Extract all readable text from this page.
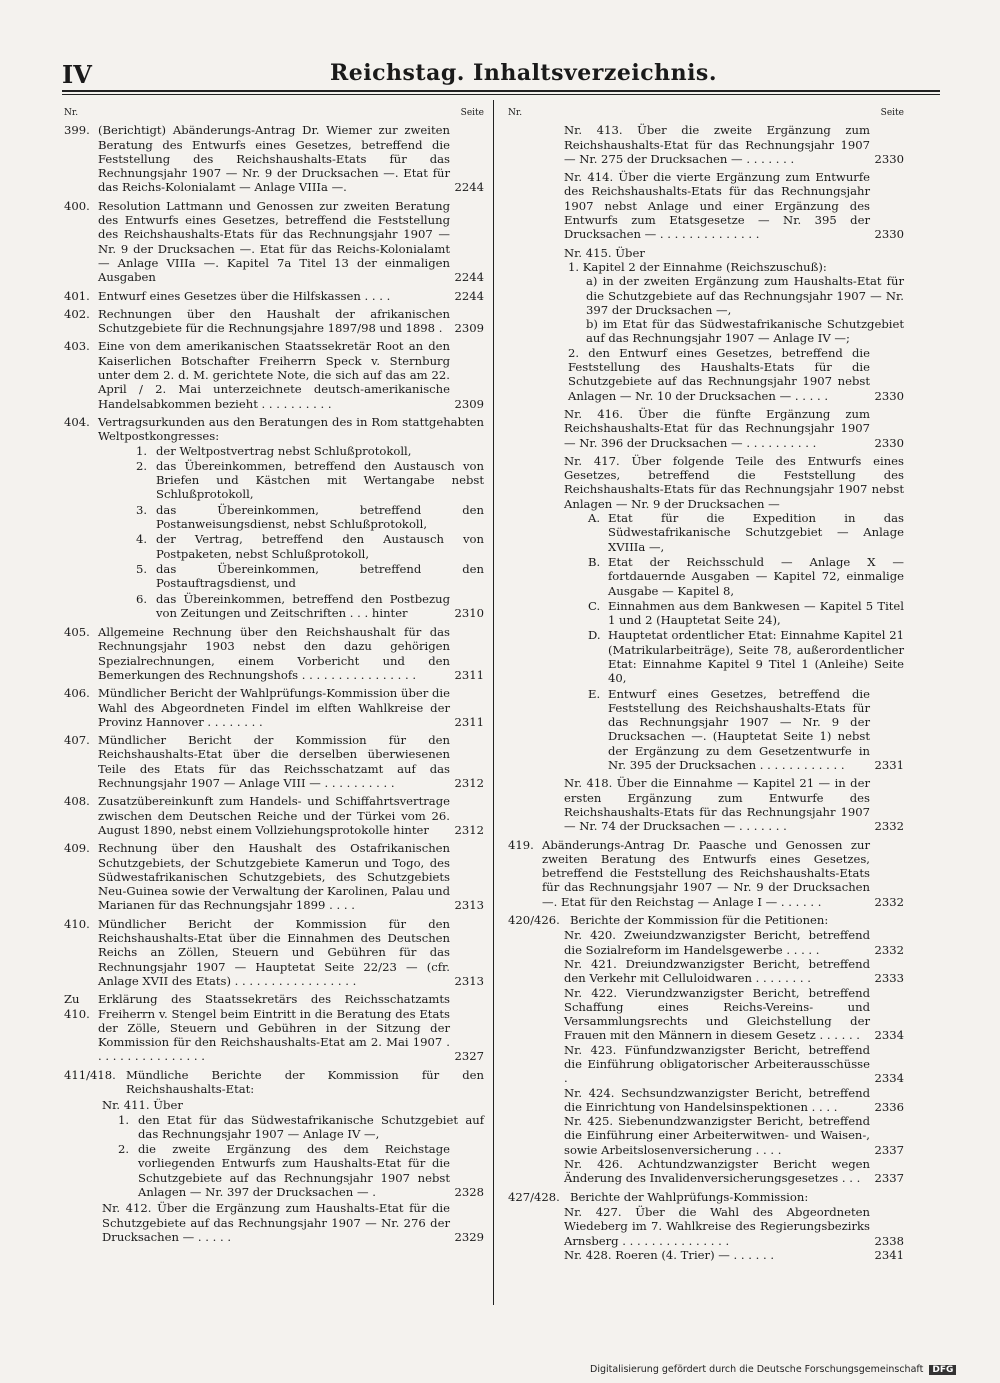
IV	Reichstag. Inhaltsverzeichnis.
Nr.	Seite
399. (Berichtigt) Abänderungs-Antrag Dr. Wiemer zur zweiten Beratung des Entwurfs eines Gesetzes, betreffend die Feststellung des Reichshaushalts-Etats für das Rechnungsjahr 1907 — Nr. 9 der Drucksachen —. Etat für das Reichs-Kolonialamt — Anlage VIIIa —.	2244
400. Resolution Lattmann und Genossen zur zweiten Beratung des Entwurfs eines Gesetzes, betreffend die Feststellung des Reichshaushalts-Etats für das Rechnungsjahr 1907 — Nr. 9 der Drucksachen —. Etat für das Reichs-Kolonialamt — Anlage VIIIa —. Kapitel 7a Titel 13 der einmaligen Ausgaben	2244
401. Entwurf eines Gesetzes über die Hilfskassen . . . .	2244
402. Rechnungen über den Haushalt der afrikanischen Schutzgebiete für die Rechnungsjahre 1897/98 und 1898 .	2309
403. Eine von dem amerikanischen Staatssekretär Root an den Kaiserlichen Botschafter Freiherrn Speck v. Sternburg unter dem 2. d. M. gerichtete Note, die sich auf das am 22. April / 2. Mai unterzeichnete deutsch-amerikanische Handelsabkommen bezieht . . . . . . . . . .	2309
404. Vertragsurkunden aus den Beratungen des in Rom stattgehabten Weltpostkongresses:
1. der Weltpostvertrag nebst Schlußprotokoll,
2. das Übereinkommen, betreffend den Austausch von Briefen und Kästchen mit Wertangabe nebst Schlußprotokoll,
3. das Übereinkommen, betreffend den Postanweisungsdienst, nebst Schlußprotokoll,
4. der Vertrag, betreffend den Austausch von Postpaketen, nebst Schlußprotokoll,
5. das Übereinkommen, betreffend den Postauftragsdienst, und
6. das Übereinkommen, betreffend den Postbezug von Zeitungen und Zeitschriften . . . hinter	2310
405. Allgemeine Rechnung über den Reichshaushalt für das Rechnungsjahr 1903 nebst den dazu gehörigen Spezialrechnungen, einem Vorbericht und den Bemerkungen des Rechnungshofs . . . . . . . . . . . . . . . .	2311
406. Mündlicher Bericht der Wahlprüfungs-Kommission über die Wahl des Abgeordneten Findel im elften Wahlkreise der Provinz Hannover . . . . . . . .	2311
407. Mündlicher Bericht der Kommission für den Reichshaushalts-Etat über die derselben überwiesenen Teile des Etats für das Reichsschatzamt auf das Rechnungsjahr 1907 — Anlage VIII — . . . . . . . . . .	2312
408. Zusatzübereinkunft zum Handels- und Schiffahrtsvertrage zwischen dem Deutschen Reiche und der Türkei vom 26. August 1890, nebst einem Vollziehungsprotokolle hinter	2312
409. Rechnung über den Haushalt des Ostafrikanischen Schutzgebiets, der Schutzgebiete Kamerun und Togo, des Südwestafrikanischen Schutzgebiets, des Schutzgebiets Neu-Guinea sowie der Verwaltung der Karolinen, Palau und Marianen für das Rechnungsjahr 1899 . . . .	2313
410. Mündlicher Bericht der Kommission für den Reichshaushalts-Etat über die Einnahmen des Deutschen Reichs an Zöllen, Steuern und Gebühren für das Rechnungsjahr 1907 — Hauptetat Seite 22/23 — (cfr. Anlage XVII des Etats) . . . . . . . . . . . . . . . . .	2313
Zu 410.
Erklärung des Staatssekretärs des Reichsschatzamts Freiherrn v. Stengel beim Eintritt in die Beratung des Etats der Zölle, Steuern und Gebühren in der Sitzung der Kommission für den Reichshaushalts-Etat am 2. Mai 1907 . . . . . . . . . . . . . . . .	2327
411/418. Mündliche Berichte der Kommission für den Reichshaushalts-Etat:
Nr. 411. Über
1. den Etat für das Südwestafrikanische Schutzgebiet auf das Rechnungsjahr 1907 — Anlage IV —,
2. die zweite Ergänzung des dem Reichstage vorliegenden Entwurfs zum Haushalts-Etat für die Schutzgebiete auf das Rechnungsjahr 1907 nebst Anlagen — Nr. 397 der Drucksachen — .	2328
Nr. 412. Über die Ergänzung zum Haushalts-Etat für die Schutzgebiete auf das Rechnungsjahr 1907 — Nr. 276 der Drucksachen — . . . . .	2329
Nr.	Seite
Nr. 413. Über die zweite Ergänzung zum Reichshaushalts-Etat für das Rechnungsjahr 1907 — Nr. 275 der Drucksachen — . . . . . . .	2330
Nr. 414. Über die vierte Ergänzung zum Entwurfe des Reichshaushalts-Etats für das Rechnungsjahr 1907 nebst Anlage und einer Ergänzung des Entwurfs zum Etatsgesetze — Nr. 395 der Drucksachen — . . . . . . . . . . . . . .	2330
Nr. 415. Über
1. Kapitel 2 der Einnahme (Reichszuschuß):
a) in der zweiten Ergänzung zum Haushalts-Etat für die Schutzgebiete auf das Rechnungsjahr 1907 — Nr. 397 der Drucksachen —,
b) im Etat für das Südwestafrikanische Schutzgebiet auf das Rechnungsjahr 1907 — Anlage IV —;
2. den Entwurf eines Gesetzes, betreffend die Feststellung des Haushalts-Etats für die Schutzgebiete auf das Rechnungsjahr 1907 nebst Anlagen — Nr. 10 der Drucksachen — . . . . .	2330
Nr. 416. Über die fünfte Ergänzung zum Reichshaushalts-Etat für das Rechnungsjahr 1907 — Nr. 396 der Drucksachen — . . . . . . . . . .	2330
Nr. 417. Über folgende Teile des Entwurfs eines Gesetzes, betreffend die Feststellung des Reichshaushalts-Etats für das Rechnungsjahr 1907 nebst Anlagen — Nr. 9 der Drucksachen —
A. Etat für die Expedition in das Südwestafrikanische Schutzgebiet — Anlage XVIIIa —,
B. Etat der Reichsschuld — Anlage X — fortdauernde Ausgaben — Kapitel 72, einmalige Ausgabe — Kapitel 8,
C. Einnahmen aus dem Bankwesen — Kapitel 5 Titel 1 und 2 (Hauptetat Seite 24),
D. Hauptetat ordentlicher Etat: Einnahme Kapitel 21 (Matrikularbeiträge), Seite 78, außerordentlicher Etat: Einnahme Kapitel 9 Titel 1 (Anleihe) Seite 40,
E. Entwurf eines Gesetzes, betreffend die Feststellung des Reichshaushalts-Etats für das Rechnungsjahr 1907 — Nr. 9 der Drucksachen —. (Hauptetat Seite 1) nebst der Ergänzung zu dem Gesetzentwurfe in Nr. 395 der Drucksachen . . . . . . . . . . . .	2331
Nr. 418. Über die Einnahme — Kapitel 21 — in der ersten Ergänzung zum Entwurfe des Reichshaushalts-Etats für das Rechnungsjahr 1907 — Nr. 74 der Drucksachen — . . . . . . .	2332
419. Abänderungs-Antrag Dr. Paasche und Genossen zur zweiten Beratung des Entwurfs eines Gesetzes, betreffend die Feststellung des Reichshaushalts-Etats für das Rechnungsjahr 1907 — Nr. 9 der Drucksachen —. Etat für den Reichstag — Anlage I — . . . . . .	2332
420/426. Berichte der Kommission für die Petitionen:
Nr. 420. Zweiundzwanzigster Bericht, betreffend die Sozialreform im Handelsgewerbe . . . . .	2332
Nr. 421. Dreiundzwanzigster Bericht, betreffend den Verkehr mit Celluloidwaren . . . . . . . .	2333
Nr. 422. Vierundzwanzigster Bericht, betreffend Schaffung eines Reichs-Vereins- und Versammlungsrechts und Gleichstellung der Frauen mit den Männern in diesem Gesetz . . . . . .	2334
Nr. 423. Fünfundzwanzigster Bericht, betreffend die Einführung obligatorischer Arbeiterausschüsse .	2334
Nr. 424. Sechsundzwanzigster Bericht, betreffend die Einrichtung von Handelsinspektionen . . . .	2336
Nr. 425. Siebenundzwanzigster Bericht, betreffend die Einführung einer Arbeiterwitwen- und Waisen-, sowie Arbeitslosenversicherung . . . .	2337
Nr. 426. Achtundzwanzigster Bericht wegen Änderung des Invalidenversicherungsgesetzes . . .	2337
427/428. Berichte der Wahlprüfungs-Kommission:
Nr. 427. Über die Wahl des Abgeordneten Wiedeberg im 7. Wahlkreise des Regierungsbezirks Arnsberg . . . . . . . . . . . . . . .	2338
Nr. 428. Roeren (4. Trier) — . . . . . .	2341
Digitalisierung gefördert durch die Deutsche Forschungsgemeinschaft DFG
